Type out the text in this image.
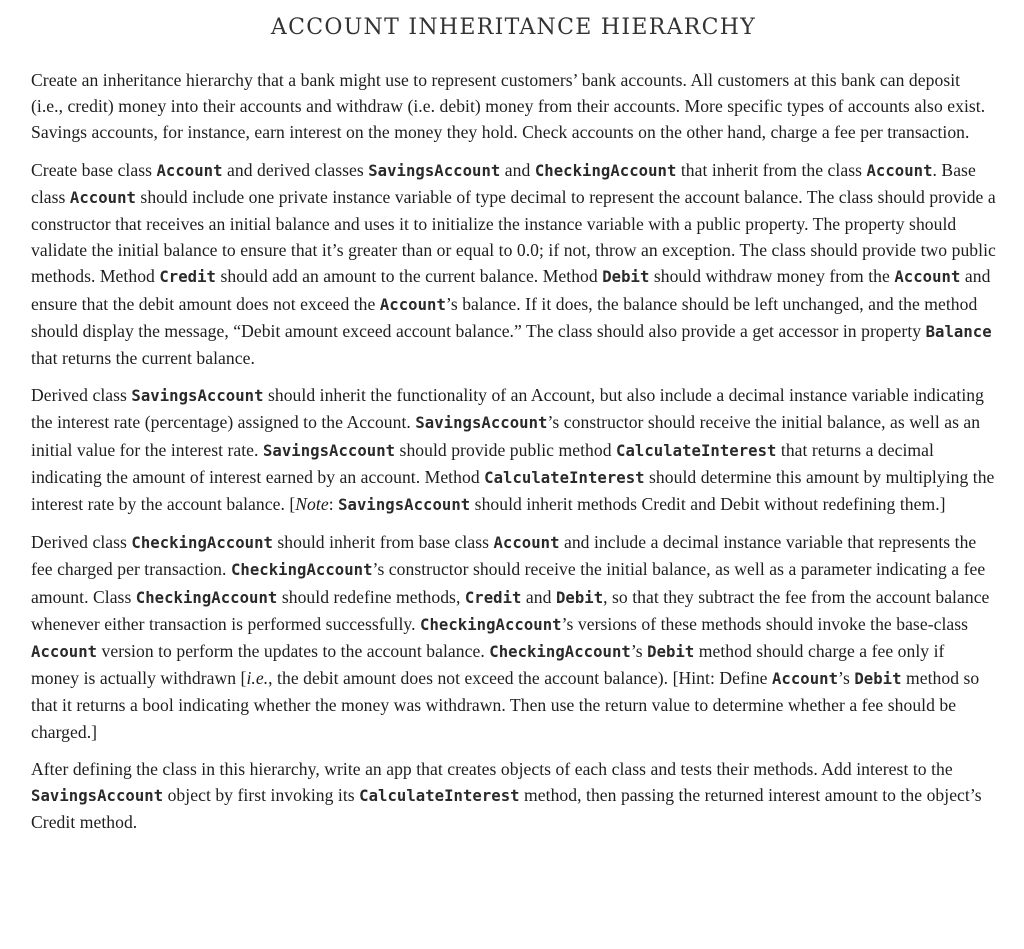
ACCOUNT INHERITANCE HIERARCHY

Create an inheritance hierarchy that a bank might use to represent customers’ bank accounts. All customers at this bank can deposit (i.e., credit) money into their accounts and withdraw (i.e. debit) money from their accounts. More specific types of accounts also exist. Savings accounts, for instance, earn interest on the money they hold. Check accounts on the other hand, charge a fee per transaction.

Create base class Account and derived classes SavingsAccount and CheckingAccount that inherit from the class Account. Base class Account should include one private instance variable of type decimal to represent the account balance. The class should provide a constructor that receives an initial balance and uses it to initialize the instance variable with a public property. The property should validate the initial balance to ensure that it’s greater than or equal to 0.0; if not, throw an exception. The class should provide two public methods. Method Credit should add an amount to the current balance. Method Debit should withdraw money from the Account and ensure that the debit amount does not exceed the Account’s balance. If it does, the balance should be left unchanged, and the method should display the message, “Debit amount exceed account balance.” The class should also provide a get accessor in property Balance that returns the current balance.

Derived class SavingsAccount should inherit the functionality of an Account, but also include a decimal instance variable indicating the interest rate (percentage) assigned to the Account. SavingsAccount’s constructor should receive the initial balance, as well as an initial value for the interest rate. SavingsAccount should provide public method CalculateInterest that returns a decimal indicating the amount of interest earned by an account. Method CalculateInterest should determine this amount by multiplying the interest rate by the account balance. [Note: SavingsAccount should inherit methods Credit and Debit without redefining them.]

Derived class CheckingAccount should inherit from base class Account and include a decimal instance variable that represents the fee charged per transaction. CheckingAccount’s constructor should receive the initial balance, as well as a parameter indicating a fee amount. Class CheckingAccount should redefine methods, Credit and Debit, so that they subtract the fee from the account balance whenever either transaction is performed successfully. CheckingAccount’s versions of these methods should invoke the base-class Account version to perform the updates to the account balance. CheckingAccount’s Debit method should charge a fee only if money is actually withdrawn [i.e., the debit amount does not exceed the account balance). [Hint: Define Account’s Debit method so that it returns a bool indicating whether the money was withdrawn. Then use the return value to determine whether a fee should be charged.]

After defining the class in this hierarchy, write an app that creates objects of each class and tests their methods. Add interest to the SavingsAccount object by first invoking its CalculateInterest method, then passing the returned interest amount to the object’s Credit method.
